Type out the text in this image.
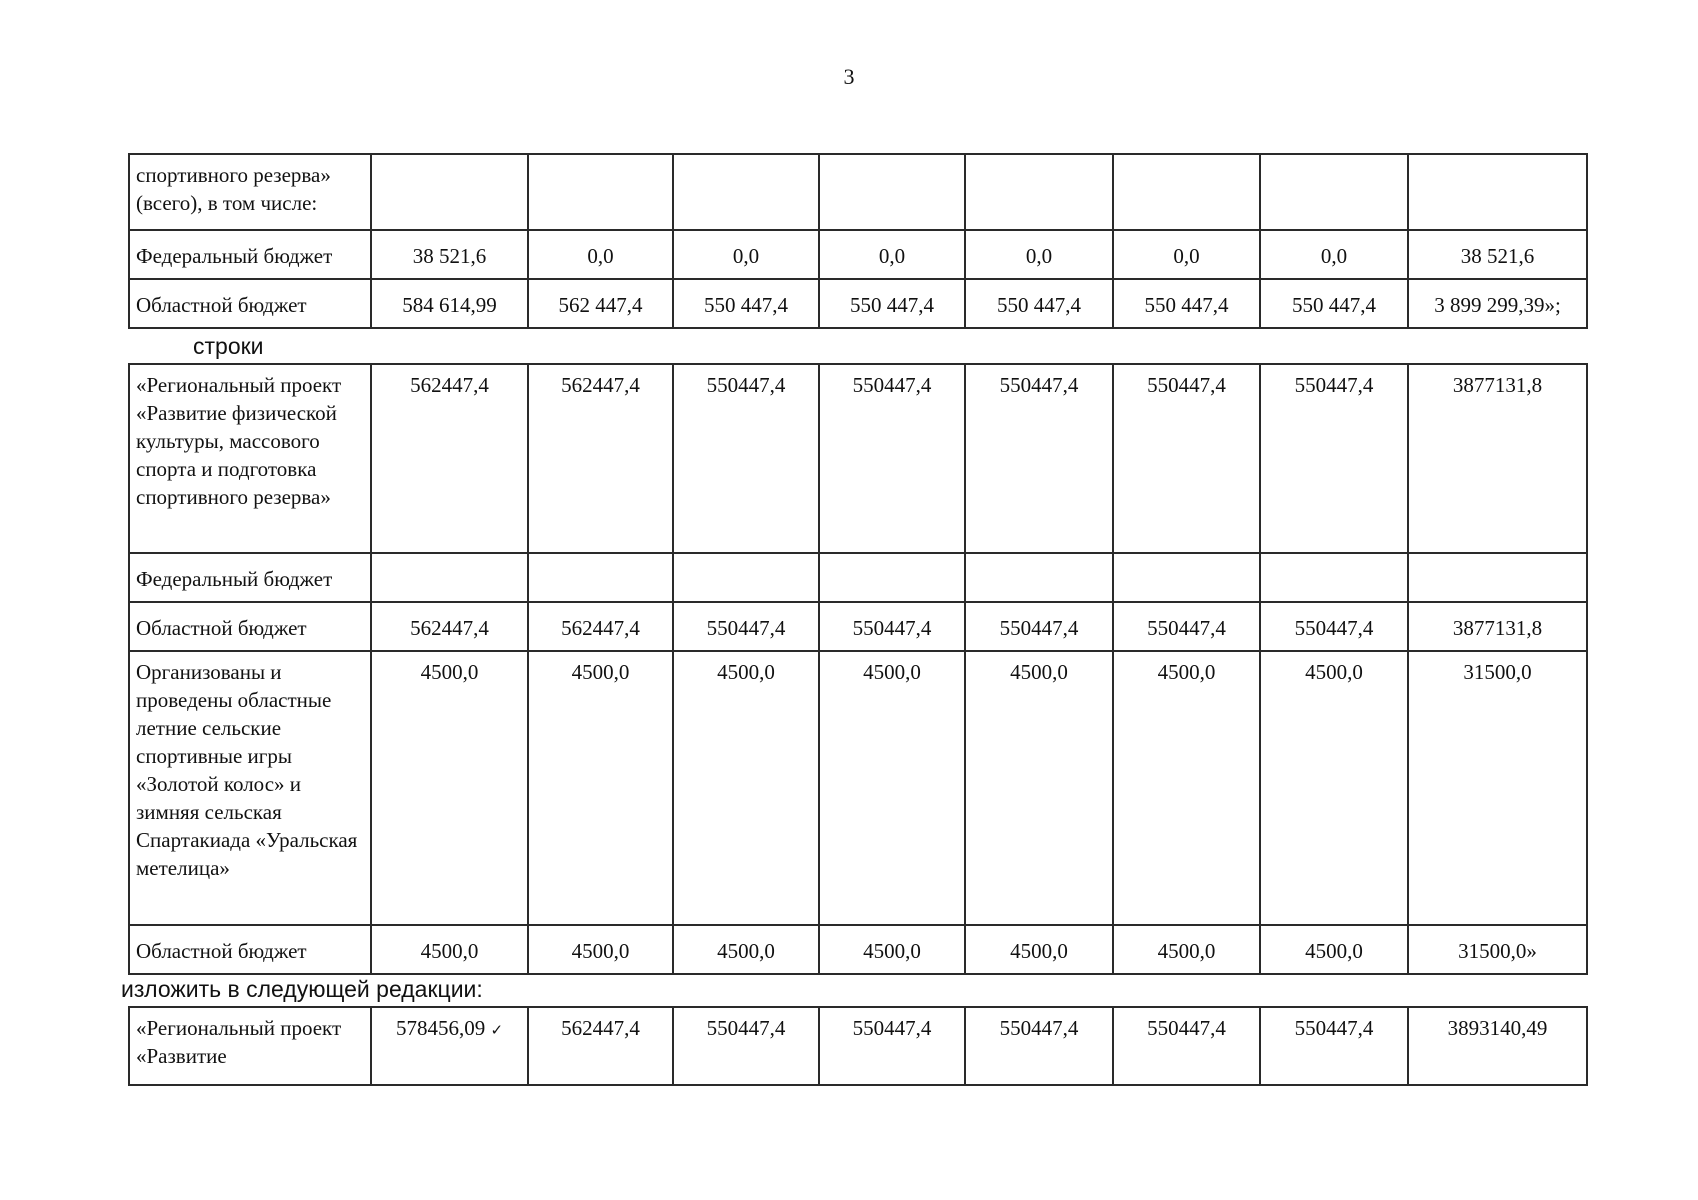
3
спортивного резерва» (всего), в том числе:								
Федеральный бюджет	38 521,6	0,0	0,0	0,0	0,0	0,0	0,0	38 521,6
Областной бюджет	584 614,99	562 447,4	550 447,4	550 447,4	550 447,4	550 447,4	550 447,4	3 899 299,39»;
строки
«Региональный проект «Развитие физической культуры, массового спорта и подготовка спортивного резерва»	562447,4	562447,4	550447,4	550447,4	550447,4	550447,4	550447,4	3877131,8
Федеральный бюджет								
Областной бюджет	562447,4	562447,4	550447,4	550447,4	550447,4	550447,4	550447,4	3877131,8
Организованы и проведены областные летние сельские спортивные игры «Золотой колос» и зимняя сельская Спартакиада «Уральская метелица»	4500,0	4500,0	4500,0	4500,0	4500,0	4500,0	4500,0	31500,0
Областной бюджет	4500,0	4500,0	4500,0	4500,0	4500,0	4500,0	4500,0	31500,0»
изложить в следующей редакции:
«Региональный проект «Развитие	578456,09 ✓	562447,4	550447,4	550447,4	550447,4	550447,4	550447,4	3893140,49
